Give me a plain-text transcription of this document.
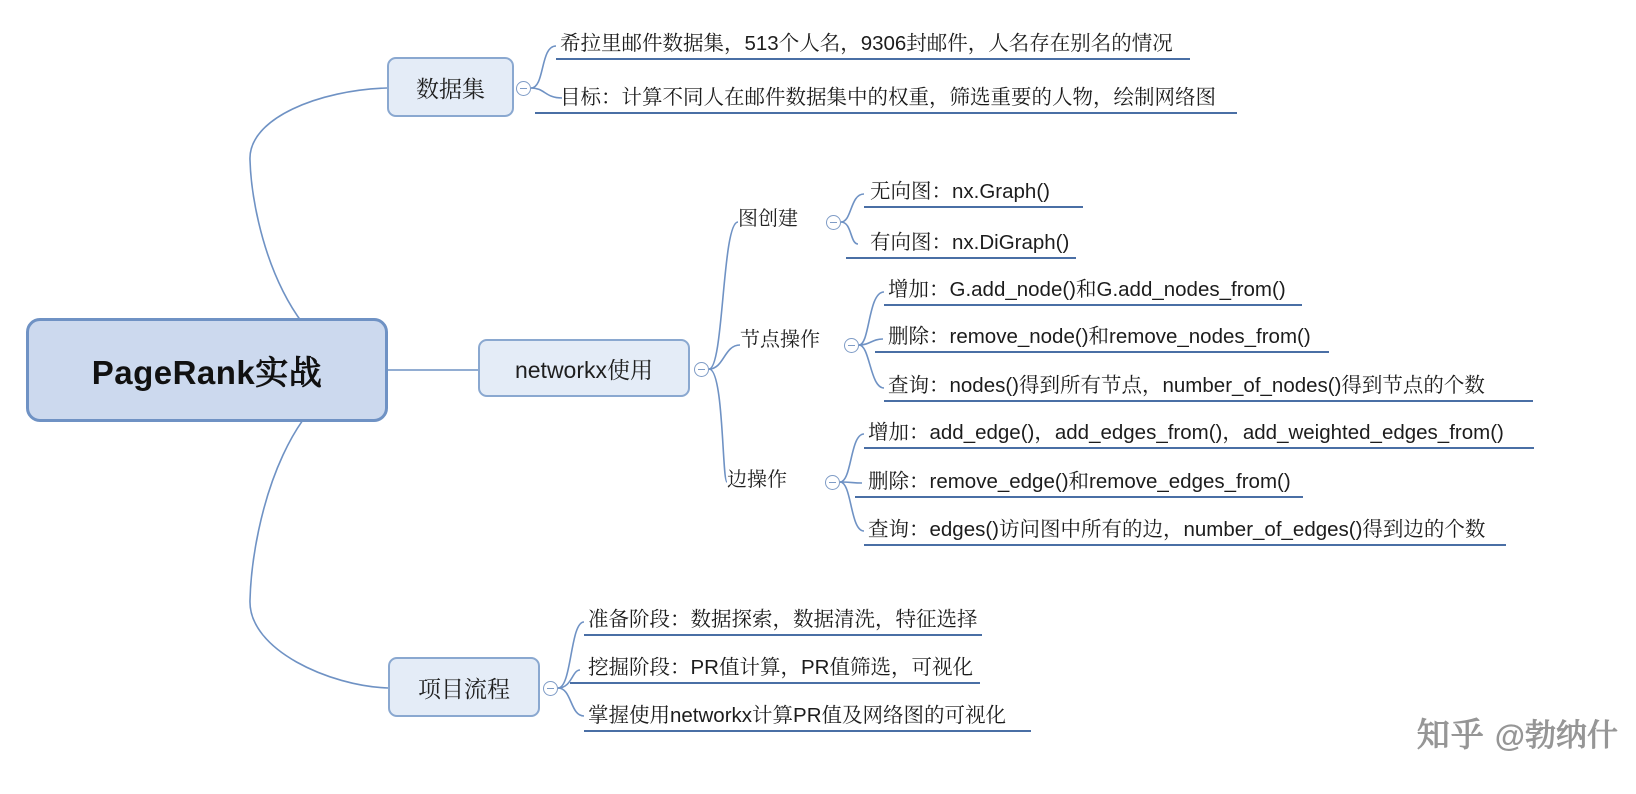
PageRank实战
数据集
networkx使用
项目流程
图创建
节点操作
边操作
希拉里邮件数据集，513个人名，9306封邮件，人名存在别名的情况
目标：计算不同人在邮件数据集中的权重，筛选重要的人物，绘制网络图
无向图：nx.Graph()
有向图：nx.DiGraph()
增加：G.add_node()和G.add_nodes_from()
删除：remove_node()和remove_nodes_from()
查询：nodes()得到所有节点，number_of_nodes()得到节点的个数
增加：add_edge()，add_edges_from()，add_weighted_edges_from()
删除：remove_edge()和remove_edges_from()
查询：edges()访问图中所有的边，number_of_edges()得到边的个数
准备阶段：数据探索，数据清洗，特征选择
挖掘阶段：PR值计算，PR值筛选，可视化
掌握使用networkx计算PR值及网络图的可视化
知乎 @勃纳什
